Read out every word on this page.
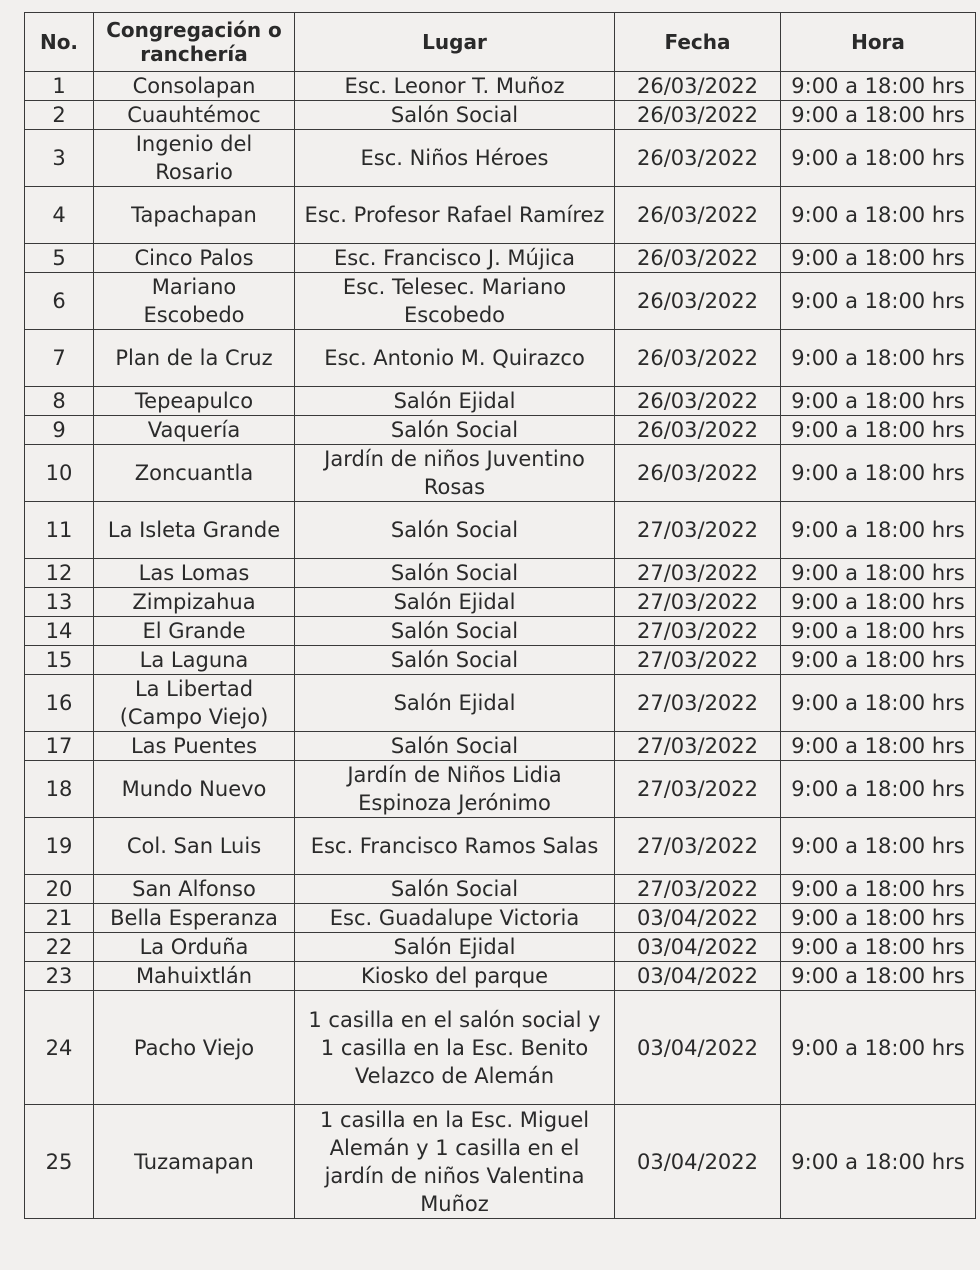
No.	Congregación o ranchería	Lugar	Fecha	Hora
1	Consolapan	Esc. Leonor T. Muñoz	26/03/2022	9:00 a 18:00 hrs
2	Cuauhtémoc	Salón Social	26/03/2022	9:00 a 18:00 hrs
3	Ingenio del Rosario	Esc. Niños Héroes	26/03/2022	9:00 a 18:00 hrs
4	Tapachapan	Esc. Profesor Rafael Ramírez	26/03/2022	9:00 a 18:00 hrs
5	Cinco Palos	Esc. Francisco J. Mújica	26/03/2022	9:00 a 18:00 hrs
6	Mariano Escobedo	Esc. Telesec. Mariano Escobedo	26/03/2022	9:00 a 18:00 hrs
7	Plan de la Cruz	Esc. Antonio M. Quirazco	26/03/2022	9:00 a 18:00 hrs
8	Tepeapulco	Salón Ejidal	26/03/2022	9:00 a 18:00 hrs
9	Vaquería	Salón Social	26/03/2022	9:00 a 18:00 hrs
10	Zoncuantla	Jardín de niños Juventino Rosas	26/03/2022	9:00 a 18:00 hrs
11	La Isleta Grande	Salón Social	27/03/2022	9:00 a 18:00 hrs
12	Las Lomas	Salón Social	27/03/2022	9:00 a 18:00 hrs
13	Zimpizahua	Salón Ejidal	27/03/2022	9:00 a 18:00 hrs
14	El Grande	Salón Social	27/03/2022	9:00 a 18:00 hrs
15	La Laguna	Salón Social	27/03/2022	9:00 a 18:00 hrs
16	La Libertad (Campo Viejo)	Salón Ejidal	27/03/2022	9:00 a 18:00 hrs
17	Las Puentes	Salón Social	27/03/2022	9:00 a 18:00 hrs
18	Mundo Nuevo	Jardín de Niños Lidia Espinoza Jerónimo	27/03/2022	9:00 a 18:00 hrs
19	Col. San Luis	Esc. Francisco Ramos Salas	27/03/2022	9:00 a 18:00 hrs
20	San Alfonso	Salón Social	27/03/2022	9:00 a 18:00 hrs
21	Bella Esperanza	Esc. Guadalupe Victoria	03/04/2022	9:00 a 18:00 hrs
22	La Orduña	Salón Ejidal	03/04/2022	9:00 a 18:00 hrs
23	Mahuixtlán	Kiosko del parque	03/04/2022	9:00 a 18:00 hrs
24	Pacho Viejo	1 casilla en el salón social y 1 casilla en la Esc. Benito Velazco de Alemán	03/04/2022	9:00 a 18:00 hrs
25	Tuzamapan	1 casilla en la Esc. Miguel Alemán y 1 casilla en el jardín de niños Valentina Muñoz	03/04/2022	9:00 a 18:00 hrs
